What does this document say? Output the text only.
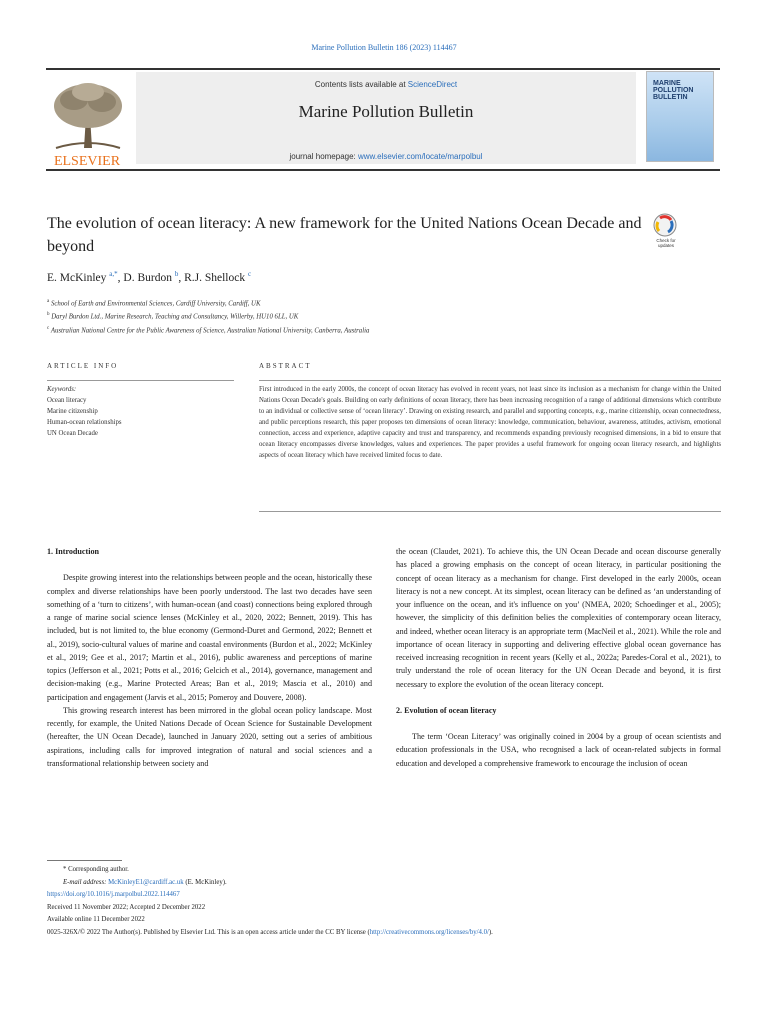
Marine Pollution Bulletin 186 (2023) 114467
ELSEVIER
Contents lists available at ScienceDirect
Marine Pollution Bulletin
journal homepage: www.elsevier.com/locate/marpolbul
MARINE
POLLUTION
BULLETIN
The evolution of ocean literacy: A new framework for the United Nations Ocean Decade and beyond	Check for updates
E. McKinley $^{a,*}$, D. Burdon $^b$, R.J. Shellock $^c$
$^a$ School of Earth and Environmental Sciences, Cardiff University, Cardiff, UK
$^b$ Daryl Burdon Ltd., Marine Research, Teaching and Consultancy, Willerby, HU10 6LL, UK
$^c$ Australian National Centre for the Public Awareness of Science, Australian National University, Canberra, Australia
ARTICLE INFO	ABSTRACT
Keywords:
Ocean literacy
Marine citizenship
Human-ocean relationships
UN Ocean Decade
First introduced in the early 2000s, the concept of ocean literacy has evolved in recent years, not least since its inclusion as a mechanism for change within the United Nations Ocean Decade's goals. Building on early definitions of ocean literacy, there has been increasing recognition of a range of additional dimensions which contribute to an individual or collective sense of ‘ocean literacy’. Drawing on existing research, and parallel and supporting concepts, e.g., marine citizenship, ocean connectedness, and public perceptions research, this paper proposes ten dimensions of ocean literacy: knowledge, communication, behaviour, awareness, attitudes, activism, emotional connection, access and experience, adaptive capacity and trust and transparency, and recommends expanding previously recognised dimensions, in a bid to ensure that ocean literacy encompasses diverse knowledges, values and experiences. The paper provides a useful framework for ongoing ocean literacy research, and highlights aspects of ocean literacy which have received limited focus to date.
1. Introduction

Despite growing interest into the relationships between people and the ocean, historically these complex and diverse relationships have been poorly understood. The last two decades have seen something of a ‘turn to citizens’, with human-ocean (and coast) connections being explored through a range of marine social science lenses (McKinley et al., 2020, 2022; Bennett, 2019). This has included, but is not limited to, the blue economy (Germond-Duret and Germond, 2022; Bennett et al., 2019), socio-cultural values of marine and coastal environments (Burdon et al., 2022; McKinley et al., 2019; Gee et al., 2017; Martin et al., 2016), public awareness and perceptions of marine topics (Jefferson et al., 2021; Potts et al., 2016; Gelcich et al., 2014), governance, management and decision-making (e.g., Marine Protected Areas; Ban et al., 2019; Mascia et al., 2010) and participation and engagement (Jarvis et al., 2015; Pomeroy and Douvere, 2008).

This growing research interest has been mirrored in the global ocean policy landscape. Most recently, for example, the United Nations Decade of Ocean Science for Sustainable Development (hereafter, the UN Ocean Decade), launched in January 2020, setting out a series of ambitious aspirations, including calls for improved integration of natural and social sciences and a transformational relationship between society and

the ocean (Claudet, 2021). To achieve this, the UN Ocean Decade and ocean discourse generally has placed a growing emphasis on the concept of ocean literacy, in particular positioning the concept of ocean literacy as a mechanism for change. First developed in the early 2000s, ocean literacy is not a new concept. At its simplest, ocean literacy can be defined as ‘an understanding of your influence on the ocean, and it's influence on you’ (NMEA, 2020; Schoedinger et al., 2005); however, the simplicity of this definition belies the complexities of contemporary ocean literacy, and indeed, whether ocean literacy is an appropriate term (MacNeil et al., 2021). While the role and importance of ocean literacy in supporting and delivering effective global ocean governance has received increasing recognition in recent years (Kelly et al., 2022a; Paredes-Coral et al., 2021), to truly understand the role of ocean literacy for the UN Ocean Decade and beyond, it is first necessary to explore the evolution of the ocean literacy concept.

2. Evolution of ocean literacy

The term ‘Ocean Literacy’ was originally coined in 2004 by a group of ocean scientists and education professionals in the USA, who recognised a lack of ocean-related subjects in formal education and developed a comprehensive framework to encourage the inclusion of ocean

* Corresponding author.
E-mail address: McKinleyE1@cardiff.ac.uk (E. McKinley).
https://doi.org/10.1016/j.marpolbul.2022.114467
Received 11 November 2022; Accepted 2 December 2022
Available online 11 December 2022
0025-326X/© 2022 The Author(s). Published by Elsevier Ltd. This is an open access article under the CC BY license (http://creativecommons.org/licenses/by/4.0/).
